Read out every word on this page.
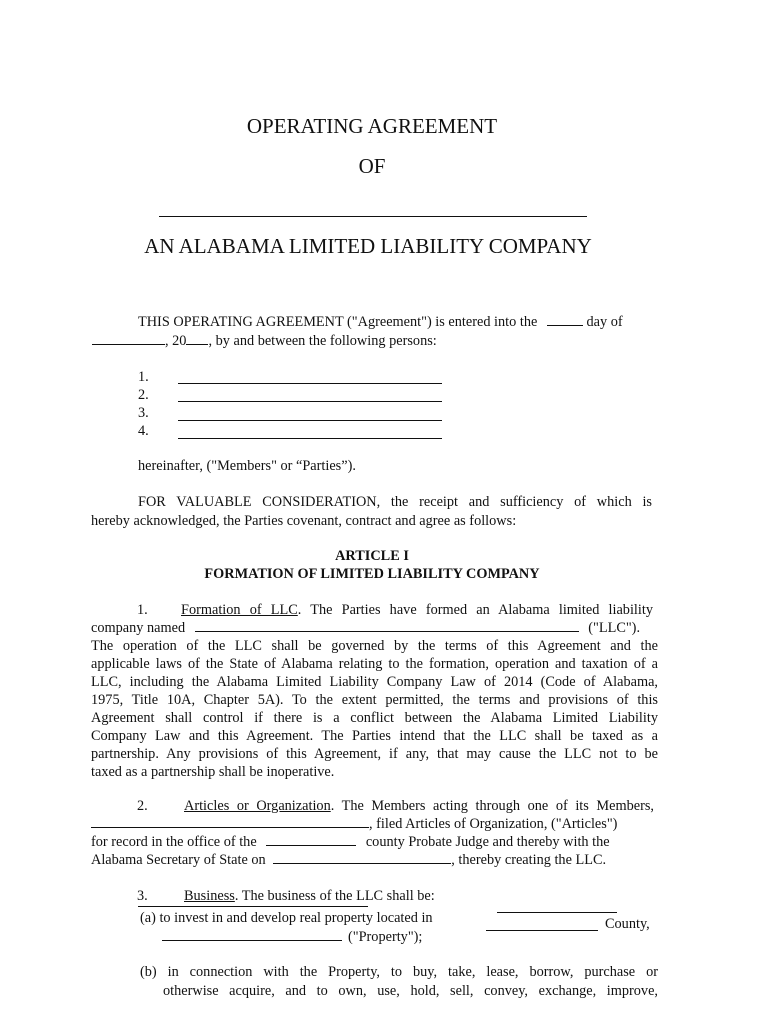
OPERATING AGREEMENT
OF
AN ALABAMA LIMITED LIABILITY COMPANY
THIS OPERATING AGREEMENT ("Agreement") is entered into the	day of
, 20 , by and between the following persons:
1.
2.
3.
4.
hereinafter, ("Members" or “Parties”).
FOR VALUABLE CONSIDERATION, the receipt and sufficiency of which is
hereby acknowledged, the Parties covenant, contract and agree as follows:
ARTICLE I
FORMATION OF LIMITED LIABILITY COMPANY
1. Formation of LLC. The Parties have formed an Alabama limited liability
company named	("LLC").
The operation of the LLC shall be governed by the terms of this Agreement and the
applicable laws of the State of Alabama relating to the formation, operation and taxation of a
LLC, including the Alabama Limited Liability Company Law of 2014 (Code of Alabama,
1975, Title 10A, Chapter 5A). To the extent permitted, the terms and provisions of this
Agreement shall control if there is a conflict between the Alabama Limited Liability
Company Law and this Agreement. The Parties intend that the LLC shall be taxed as a
partnership. Any provisions of this Agreement, if any, that may cause the LLC not to be
taxed as a partnership shall be inoperative.
2.	Articles or Organization. The Members acting through one of its Members,
, filed Articles of Organization, ("Articles")
for record in the office of the	county Probate Judge and thereby with the
Alabama Secretary of State on	, thereby creating the LLC.
3.	Business. The business of the LLC shall be:
(a) to invest in and develop real property located in	County,
("Property");
(b) in connection with the Property, to buy, take, lease, borrow, purchase or
otherwise acquire, and to own, use, hold, sell, convey, exchange, improve,
